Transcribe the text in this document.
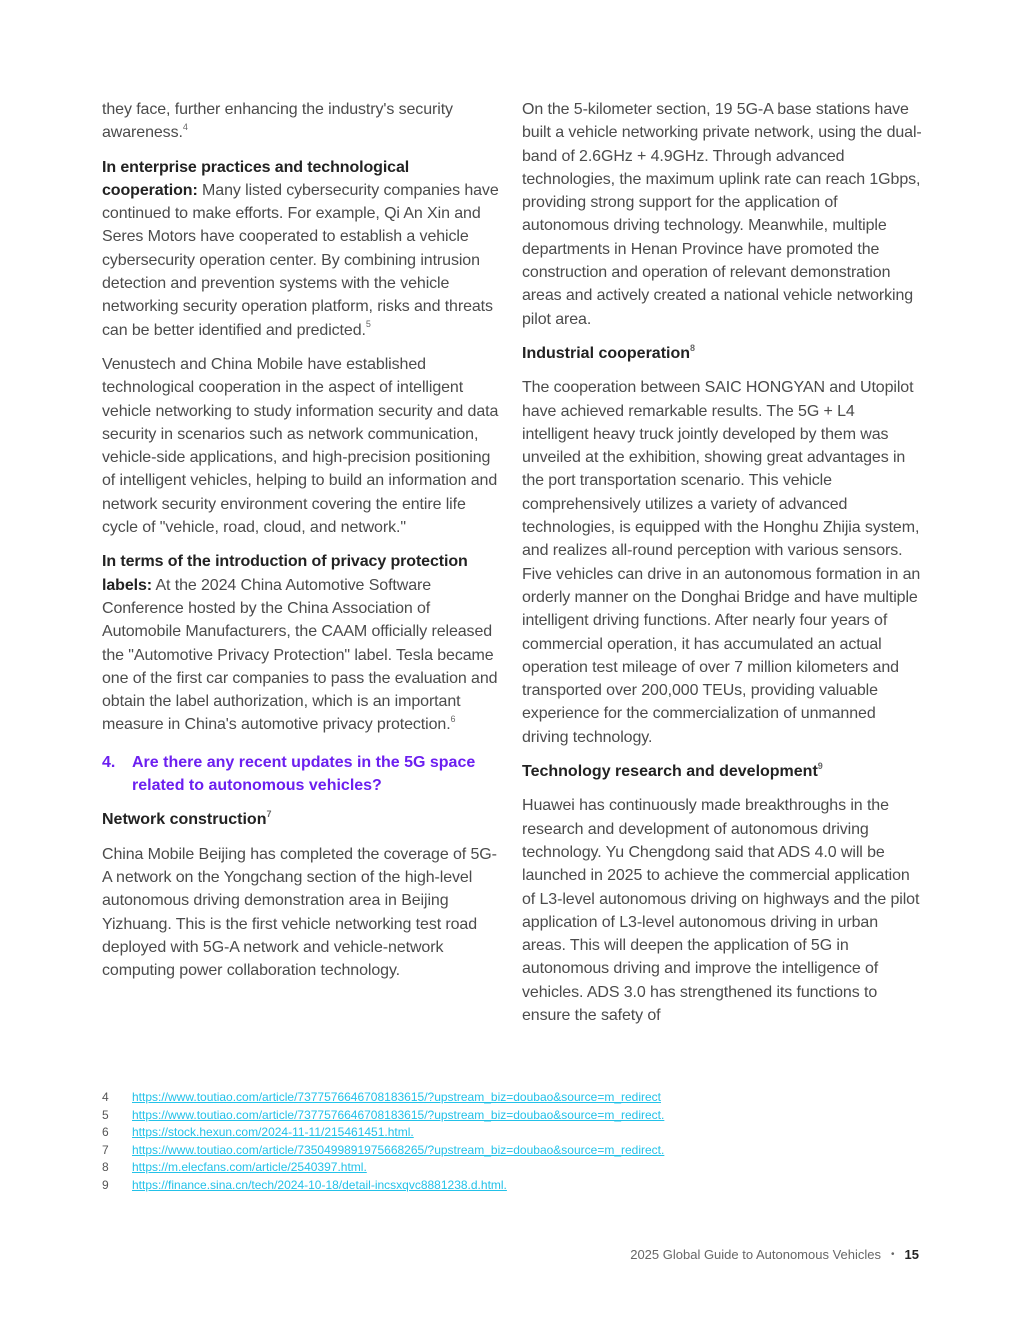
they face, further enhancing the industry's security awareness.$^4$

In enterprise practices and technological cooperation: Many listed cybersecurity companies have continued to make efforts. For example, Qi An Xin and Seres Motors have cooperated to establish a vehicle cybersecurity operation center. By combining intrusion detection and prevention systems with the vehicle networking security operation platform, risks and threats can be better identified and predicted.$^5$

Venustech and China Mobile have established technological cooperation in the aspect of intelligent vehicle networking to study information security and data security in scenarios such as network communication, vehicle-side applications, and high-precision positioning of intelligent vehicles, helping to build an information and network security environment covering the entire life cycle of "vehicle, road, cloud, and network."

In terms of the introduction of privacy protection labels: At the 2024 China Automotive Software Conference hosted by the China Association of Automobile Manufacturers, the CAAM officially released the "Automotive Privacy Protection" label. Tesla became one of the first car companies to pass the evaluation and obtain the label authorization, which is an important measure in China's automotive privacy protection.$^6$

4.	Are there any recent updates in the 5G space related to autonomous vehicles?
Network construction$^7$

China Mobile Beijing has completed the coverage of 5G-A network on the Yongchang section of the high-level autonomous driving demonstration area in Beijing Yizhuang. This is the first vehicle networking test road deployed with 5G-A network and vehicle-network computing power collaboration technology.

On the 5-kilometer section, 19 5G-A base stations have built a vehicle networking private network, using the dual-band of 2.6GHz + 4.9GHz. Through advanced technologies, the maximum uplink rate can reach 1Gbps, providing strong support for the application of autonomous driving technology. Meanwhile, multiple departments in Henan Province have promoted the construction and operation of relevant demonstration areas and actively created a national vehicle networking pilot area.

Industrial cooperation$^8$

The cooperation between SAIC HONGYAN and Utopilot have achieved remarkable results. The 5G + L4 intelligent heavy truck jointly developed by them was unveiled at the exhibition, showing great advantages in the port transportation scenario. This vehicle comprehensively utilizes a variety of advanced technologies, is equipped with the Honghu Zhijia system, and realizes all-round perception with various sensors. Five vehicles can drive in an autonomous formation in an orderly manner on the Donghai Bridge and have multiple intelligent driving functions. After nearly four years of commercial operation, it has accumulated an actual operation test mileage of over 7 million kilometers and transported over 200,000 TEUs, providing valuable experience for the commercialization of unmanned driving technology.

Technology research and development$^9$

Huawei has continuously made breakthroughs in the research and development of autonomous driving technology. Yu Chengdong said that ADS 4.0 will be launched in 2025 to achieve the commercial application of L3-level autonomous driving on highways and the pilot application of L3-level autonomous driving in urban areas. This will deepen the application of 5G in autonomous driving and improve the intelligence of vehicles. ADS 3.0 has strengthened its functions to ensure the safety of

4	https://www.toutiao.com/article/7377576646708183615/?upstream_biz=doubao&source=m_redirect
5	https://www.toutiao.com/article/7377576646708183615/?upstream_biz=doubao&source=m_redirect.
6	https://stock.hexun.com/2024-11-11/215461451.html.
7	https://www.toutiao.com/article/7350499891975668265/?upstream_biz=doubao&source=m_redirect.
8	https://m.elecfans.com/article/2540397.html.
9	https://finance.sina.cn/tech/2024-10-18/detail-incsxqvc8881238.d.html.
2025 Global Guide to Autonomous Vehicles • 15
